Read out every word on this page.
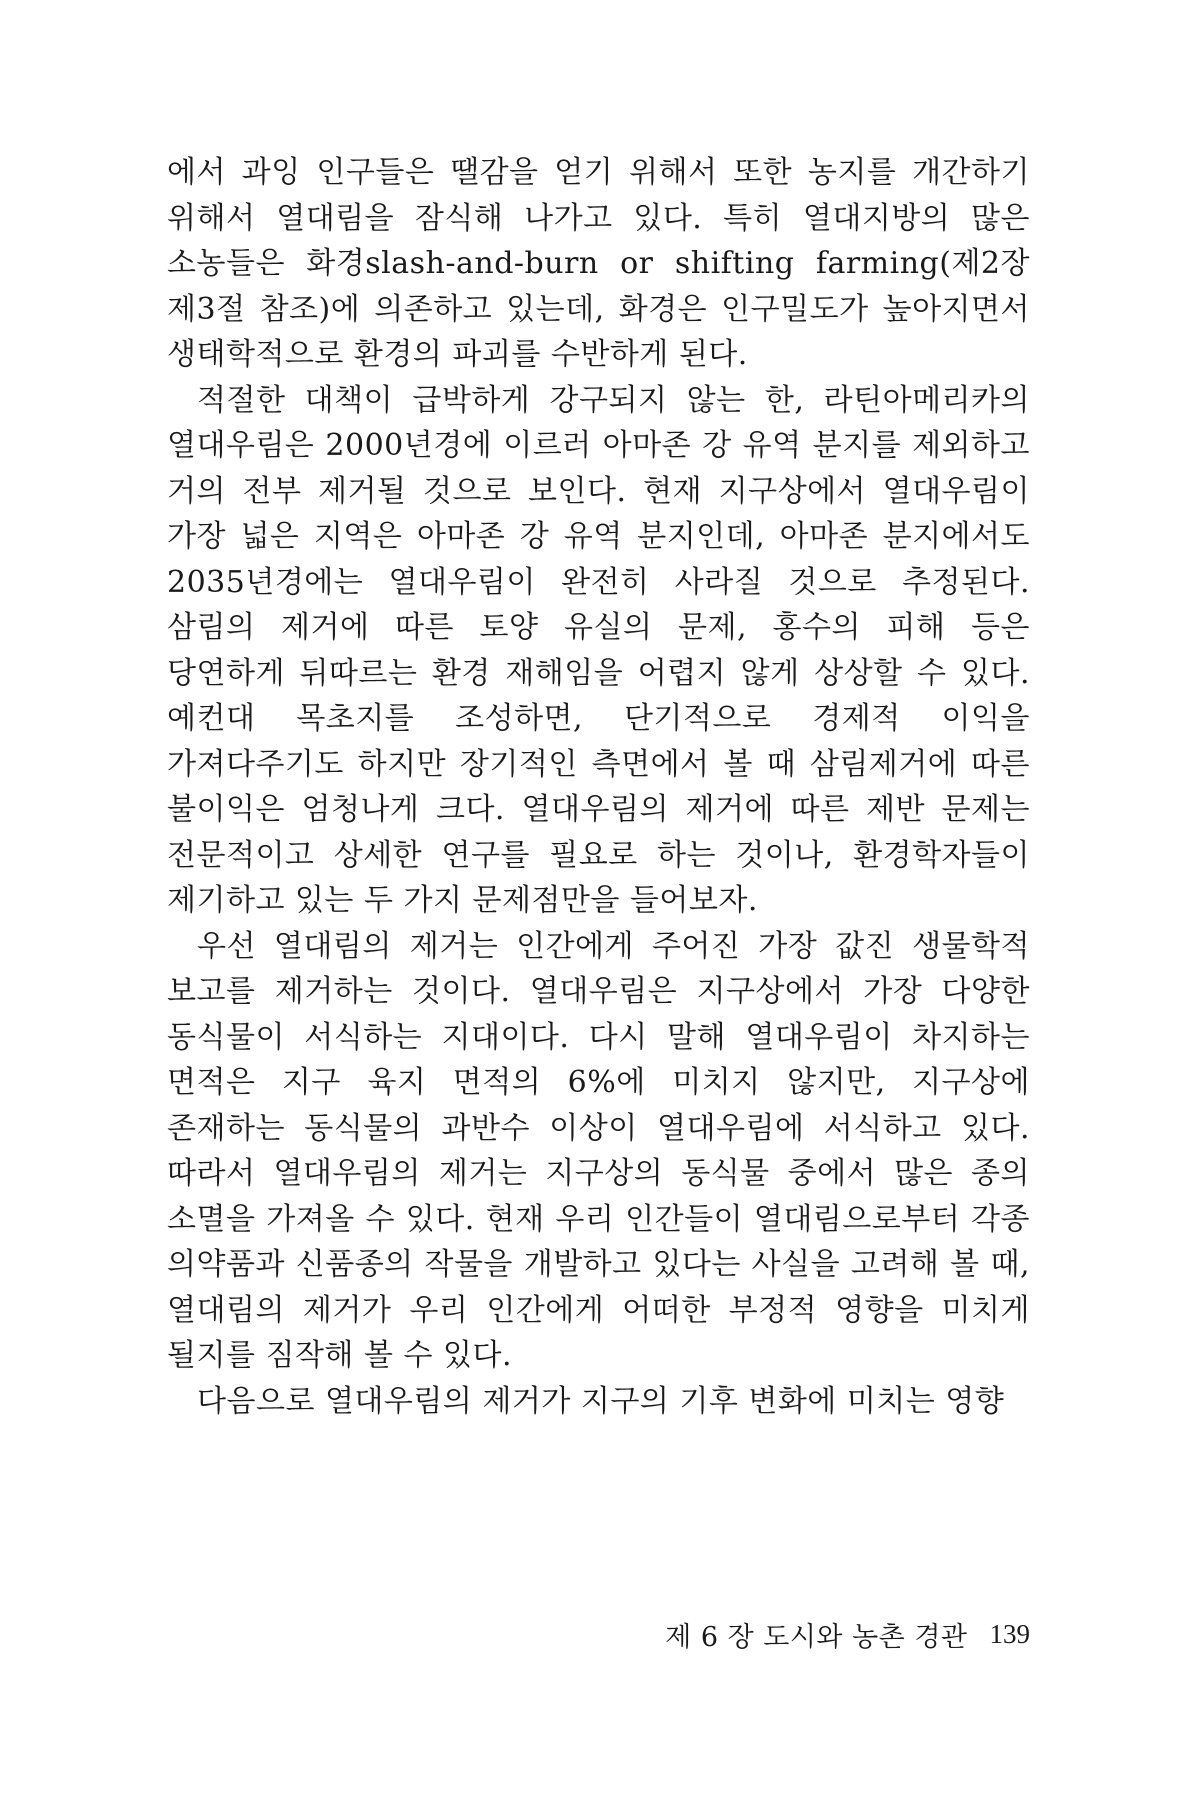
에서 과잉 인구들은 땔감을 얻기 위해서 또한 농지를 개간하기 위해서 열대림을 잠식해 나가고 있다. 특히 열대지방의 많은 소농들은 화경slash-and-burn or shifting farming(제2장 제3절 참조)에 의존하고 있는데, 화경은 인구밀도가 높아지면서 생태학적으로 환경의 파괴를 수반하게 된다.

적절한 대책이 급박하게 강구되지 않는 한, 라틴아메리카의 열대우림은 2000년경에 이르러 아마존 강 유역 분지를 제외하고 거의 전부 제거될 것으로 보인다. 현재 지구상에서 열대우림이 가장 넓은 지역은 아마존 강 유역 분지인데, 아마존 분지에서도 2035년경에는 열대우림이 완전히 사라질 것으로 추정된다. 삼림의 제거에 따른 토양 유실의 문제, 홍수의 피해 등은 당연하게 뒤따르는 환경 재해임을 어렵지 않게 상상할 수 있다. 예컨대 목초지를 조성하면, 단기적으로 경제적 이익을 가져다주기도 하지만 장기적인 측면에서 볼 때 삼림제거에 따른 불이익은 엄청나게 크다. 열대우림의 제거에 따른 제반 문제는 전문적이고 상세한 연구를 필요로 하는 것이나, 환경학자들이 제기하고 있는 두 가지 문제점만을 들어보자.

우선 열대림의 제거는 인간에게 주어진 가장 값진 생물학적 보고를 제거하는 것이다. 열대우림은 지구상에서 가장 다양한 동식물이 서식하는 지대이다. 다시 말해 열대우림이 차지하는 면적은 지구 육지 면적의 6%에 미치지 않지만, 지구상에 존재하는 동식물의 과반수 이상이 열대우림에 서식하고 있다. 따라서 열대우림의 제거는 지구상의 동식물 중에서 많은 종의 소멸을 가져올 수 있다. 현재 우리 인간들이 열대림으로부터 각종 의약품과 신품종의 작물을 개발하고 있다는 사실을 고려해 볼 때, 열대림의 제거가 우리 인간에게 어떠한 부정적 영향을 미치게 될지를 짐작해 볼 수 있다.

다음으로 열대우림의 제거가 지구의 기후 변화에 미치는 영향

제 6 장 도시와 농촌 경관 139
